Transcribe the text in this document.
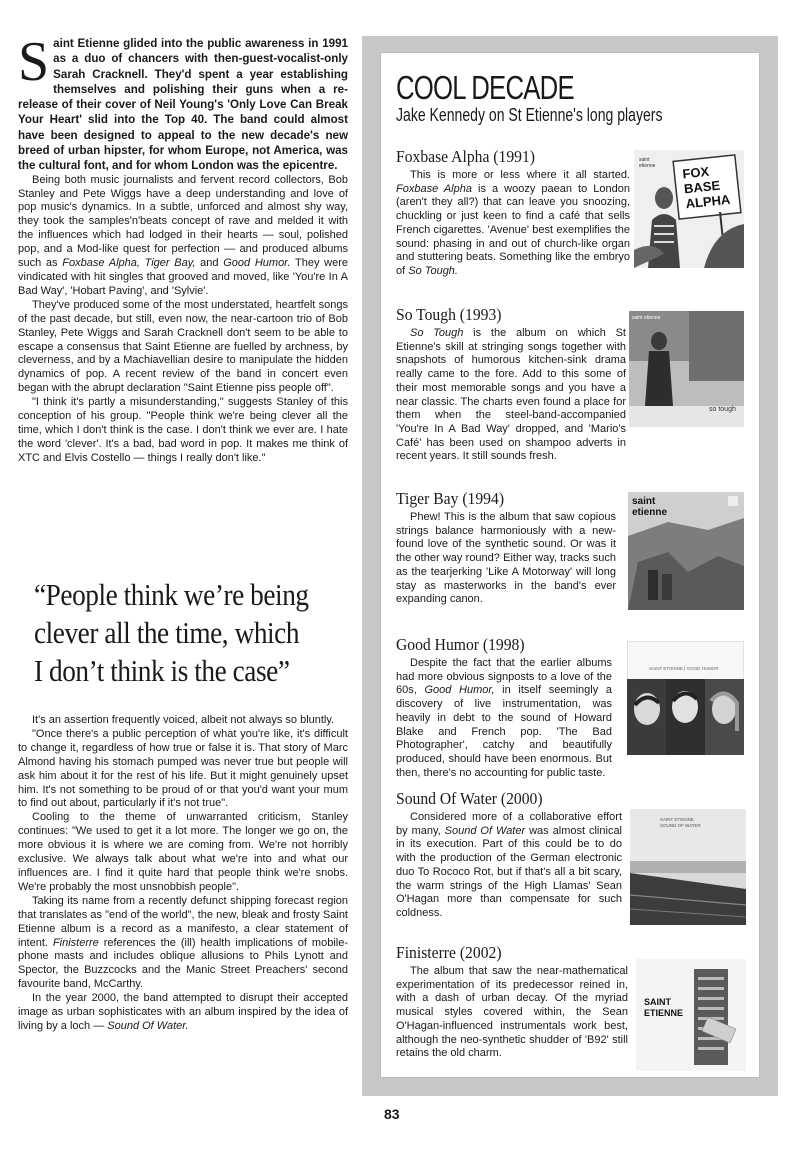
Saint Etienne glided into the public awareness in 1991 as a duo of chancers with then-guest-vocalist-only Sarah Cracknell. They'd spent a year establishing themselves and polishing their guns when a re-release of their cover of Neil Young's 'Only Love Can Break Your Heart' slid into the Top 40. The band could almost have been designed to appeal to the new decade's new breed of urban hipster, for whom Europe, not America, was the cultural font, and for whom London was the epicentre.

Being both music journalists and fervent record collectors, Bob Stanley and Pete Wiggs have a deep understanding and love of pop music's dynamics. In a subtle, unforced and almost shy way, they took the samples'n'beats concept of rave and melded it with the influences which had lodged in their hearts — soul, polished pop, and a Mod-like quest for perfection — and produced albums such as Foxbase Alpha, Tiger Bay, and Good Humor. They were vindicated with hit singles that grooved and moved, like 'You're In A Bad Way', 'Hobart Paving', and 'Sylvie'.

They've produced some of the most understated, heartfelt songs of the past decade, but still, even now, the near-cartoon trio of Bob Stanley, Pete Wiggs and Sarah Cracknell don't seem to be able to escape a consensus that Saint Etienne are fuelled by archness, by cleverness, and by a Machiavellian desire to manipulate the hidden dynamics of pop. A recent review of the band in concert even began with the abrupt declaration "Saint Etienne piss people off".

"I think it's partly a misunderstanding," suggests Stanley of this conception of his group. "People think we're being clever all the time, which I don't think is the case. I don't think we ever are. I hate the word 'clever'. It's a bad, bad word in pop. It makes me think of XTC and Elvis Costello — things I really don't like."

“People think we’re being
clever all the time, which
I don’t think is the case”

It's an assertion frequently voiced, albeit not always so bluntly.

"Once there's a public perception of what you're like, it's difficult to change it, regardless of how true or false it is. That story of Marc Almond having his stomach pumped was never true but people will ask him about it for the rest of his life. But it might genuinely upset him. It's not something to be proud of or that you'd want your mum to find out about, particularly if it's not true".

Cooling to the theme of unwarranted criticism, Stanley continues: "We used to get it a lot more. The longer we go on, the more obvious it is where we are coming from. We're not horribly exclusive. We always talk about what we're into and what our influences are. I find it quite hard that people think we're snobs. We're probably the most unsnobbish people".

Taking its name from a recently defunct shipping forecast region that translates as "end of the world", the new, bleak and frosty Saint Etienne album is a record as a manifesto, a clear statement of intent. Finisterre references the (ill) health implications of mobile-phone masts and includes oblique allusions to Phils Lynott and Spector, the Buzzcocks and the Manic Street Preachers' second favourite band, McCarthy.

In the year 2000, the band attempted to disrupt their accepted image as urban sophisticates with an album inspired by the idea of living by a loch — Sound Of Water.

COOL DECADE
Jake Kennedy on St Etienne's long players
Foxbase Alpha (1991)
This is more or less where it all started. Foxbase Alpha is a woozy paean to London (aren't they all?) that can leave you snoozing, chuckling or just keen to find a café that sells French cigarettes. 'Avenue' best exemplifies the sound: phasing in and out of church-like organ and stuttering beats. Something like the embryo of So Tough.
FOX
BASE
ALPHA
saint
etienne
So Tough (1993)
So Tough is the album on which St Etienne's skill at stringing songs together with snapshots of humorous kitchen-sink drama really came to the fore. Add to this some of their most memorable songs and you have a near classic. The charts even found a place for them when the steel-band-accompanied 'You're In A Bad Way' dropped, and 'Mario's Café' has been used on shampoo adverts in recent years. It still sounds fresh.
saint etienne
so tough
Tiger Bay (1994)
Phew! This is the album that saw copious strings balance harmoniously with a new-found love of the synthetic sound. Or was it the other way round? Either way, tracks such as the tearjerking 'Like A Motorway' will long stay as masterworks in the band's ever expanding canon.
saint
etienne
Good Humor (1998)
Despite the fact that the earlier albums had more obvious signposts to a love of the 60s, Good Humor, in itself seemingly a discovery of live instrumentation, was heavily in debt to the sound of Howard Blake and French pop. 'The Bad Photographer', catchy and beautifully produced, should have been enormous. But then, there's no accounting for public taste.
SAINT ETIENNE | GOOD HUMOR
Sound Of Water (2000)
Considered more of a collaborative effort by many, Sound Of Water was almost clinical in its execution. Part of this could be to do with the production of the German electronic duo To Rococo Rot, but if that's all a bit scary, the warm strings of the High Llamas' Sean O'Hagan more than compensate for such coldness.
SAINT ETIENNE
SOUND OF WATER
Finisterre (2002)
The album that saw the near-mathematical experimentation of its predecessor reined in, with a dash of urban decay. Of the myriad musical styles covered within, the Sean O'Hagan-influenced instrumentals work best, although the neo-synthetic shudder of 'B92' still retains the old charm.
SAINT
ETIENNE
83
